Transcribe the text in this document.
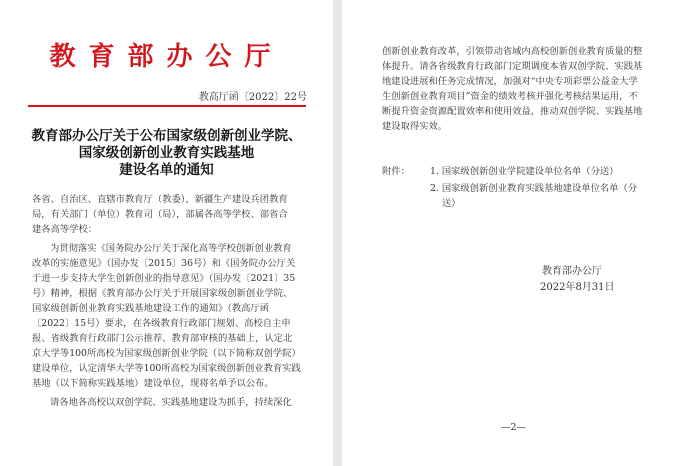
教育部办公厅
教高厅函〔2022〕22号
教育部办公厅关于公布国家级创新创业学院、
国家级创新创业教育实践基地
建设名单的通知
各省、自治区、直辖市教育厅（教委），新疆生产建设兵团教育
局，有关部门（单位）教育司（局），部属各高等学校、部省合
建各高等学校：
为贯彻落实《国务院办公厅关于深化高等学校创新创业教育
改革的实施意见》（国办发〔2015〕36号）和《国务院办公厅关
于进一步支持大学生创新创业的指导意见》（国办发〔2021〕35
号）精神，根据《教育部办公厅关于开展国家级创新创业学院、
国家级创新创业教育实践基地建设工作的通知》（教高厅函
〔2022〕15号）要求，在各级教育行政部门规划、高校自主申
报、省级教育行政部门公示推荐、教育部审核的基础上，认定北
京大学等100所高校为国家级创新创业学院（以下简称双创学院）
建设单位，认定清华大学等100所高校为国家级创新创业教育实践
基地（以下简称实践基地）建设单位，现将名单予以公布。
请各地各高校以双创学院、实践基地建设为抓手，持续深化
创新创业教育改革，引领带动省域内高校创新创业教育质量的整
体提升。请各省级教育行政部门定期调度本省双创学院、实践基
地建设进展和任务完成情况，加强对“中央专项彩票公益金大学
生创新创业教育项目”资金的绩效考核并强化考核结果运用，不
断提升资金资源配置效率和使用效益，推动双创学院、实践基地
建设取得实效。
附件： 1. 国家级创新创业学院建设单位名单（分送）
2. 国家级创新创业教育实践基地建设单位名单（分
送）
教育部办公厅
2022年8月31日
—2—
